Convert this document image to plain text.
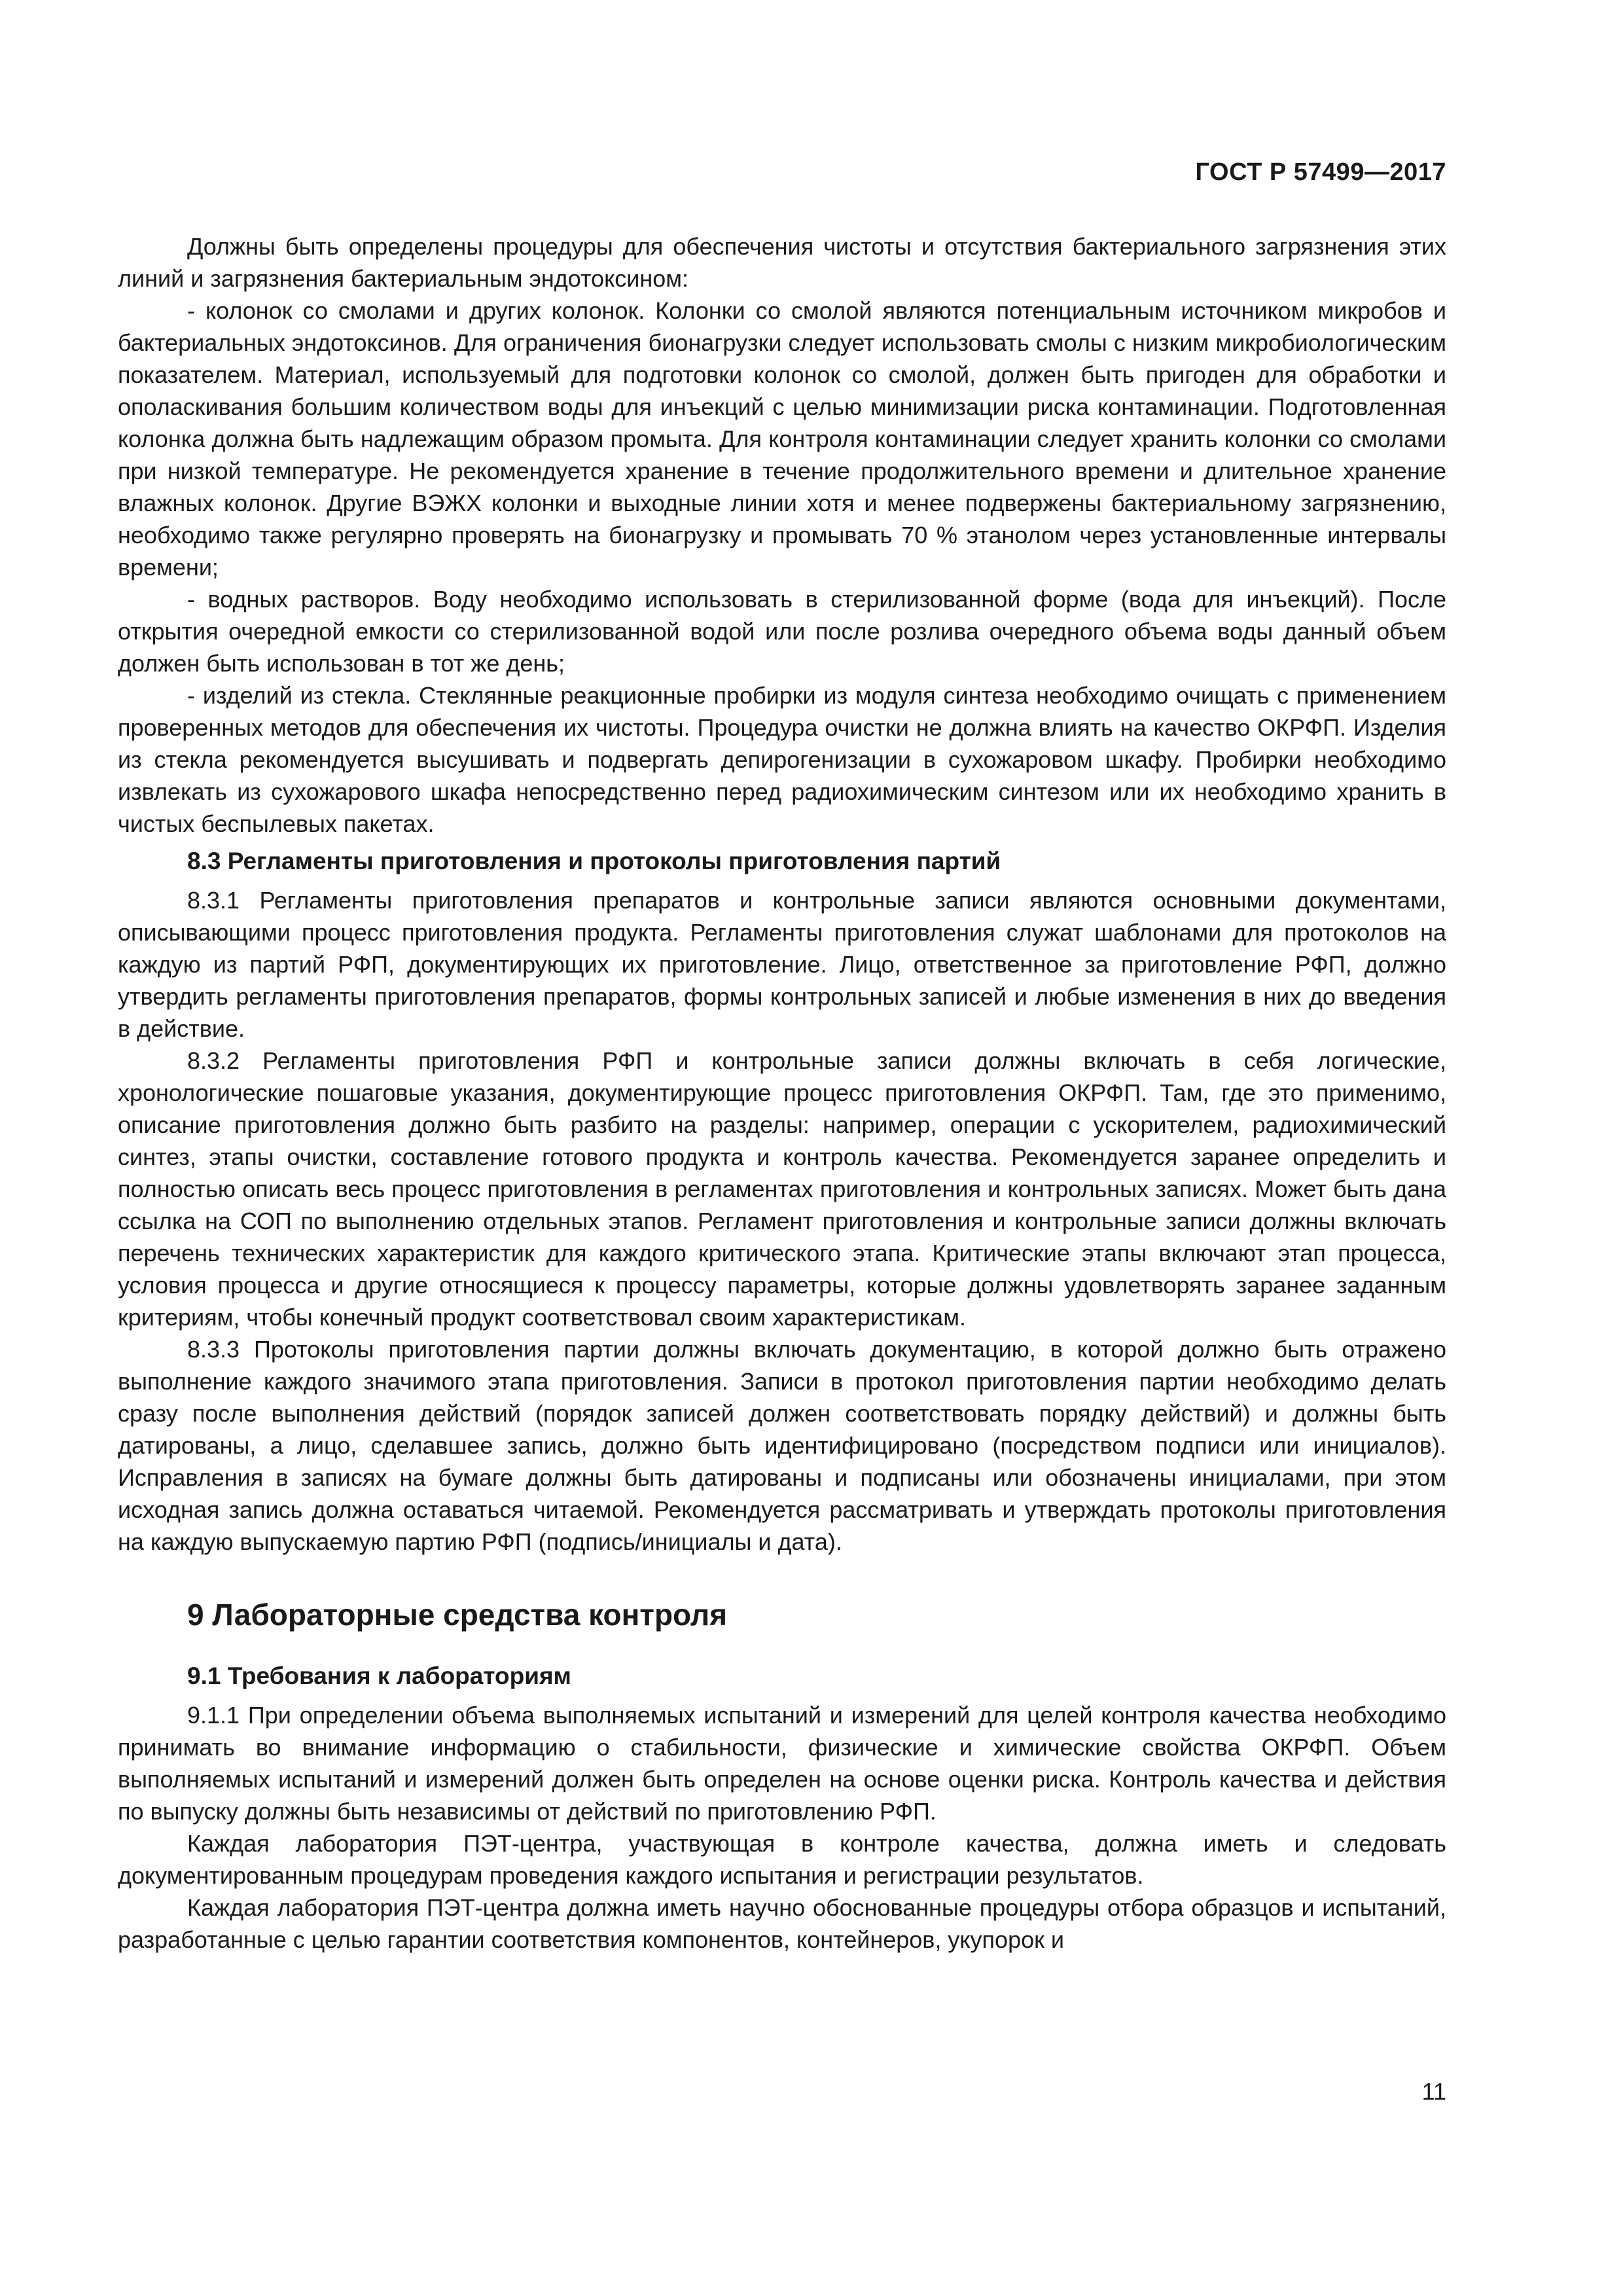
ГОСТ Р 57499—2017

Должны быть определены процедуры для обеспечения чистоты и отсутствия бактериального загрязнения этих линий и загрязнения бактериальным эндотоксином:

- колонок со смолами и других колонок. Колонки со смолой являются потенциальным источником микробов и бактериальных эндотоксинов. Для ограничения бионагрузки следует использовать смолы с низким микробиологическим показателем. Материал, используемый для подготовки колонок со смолой, должен быть пригоден для обработки и ополаскивания большим количеством воды для инъекций с целью минимизации риска контаминации. Подготовленная колонка должна быть надлежащим образом промыта. Для контроля контаминации следует хранить колонки со смолами при низкой температуре. Не рекомендуется хранение в течение продолжительного времени и длительное хранение влажных колонок. Другие ВЭЖХ колонки и выходные линии хотя и менее подвержены бактериальному загрязнению, необходимо также регулярно проверять на бионагрузку и промывать 70 % этанолом через установленные интервалы времени;

- водных растворов. Воду необходимо использовать в стерилизованной форме (вода для инъекций). После открытия очередной емкости со стерилизованной водой или после розлива очередного объема воды данный объем должен быть использован в тот же день;

- изделий из стекла. Стеклянные реакционные пробирки из модуля синтеза необходимо очищать с применением проверенных методов для обеспечения их чистоты. Процедура очистки не должна влиять на качество ОКРФП. Изделия из стекла рекомендуется высушивать и подвергать депирогенизации в сухожаровом шкафу. Пробирки необходимо извлекать из сухожарового шкафа непосредственно перед радиохимическим синтезом или их необходимо хранить в чистых беспылевых пакетах.

8.3 Регламенты приготовления и протоколы приготовления партий

8.3.1 Регламенты приготовления препаратов и контрольные записи являются основными документами, описывающими процесс приготовления продукта. Регламенты приготовления служат шаблонами для протоколов на каждую из партий РФП, документирующих их приготовление. Лицо, ответственное за приготовление РФП, должно утвердить регламенты приготовления препаратов, формы контрольных записей и любые изменения в них до введения в действие.

8.3.2 Регламенты приготовления РФП и контрольные записи должны включать в себя логические, хронологические пошаговые указания, документирующие процесс приготовления ОКРФП. Там, где это применимо, описание приготовления должно быть разбито на разделы: например, операции с ускорителем, радиохимический синтез, этапы очистки, составление готового продукта и контроль качества. Рекомендуется заранее определить и полностью описать весь процесс приготовления в регламентах приготовления и контрольных записях. Может быть дана ссылка на СОП по выполнению отдельных этапов. Регламент приготовления и контрольные записи должны включать перечень технических характеристик для каждого критического этапа. Критические этапы включают этап процесса, условия процесса и другие относящиеся к процессу параметры, которые должны удовлетворять заранее заданным критериям, чтобы конечный продукт соответствовал своим характеристикам.

8.3.3 Протоколы приготовления партии должны включать документацию, в которой должно быть отражено выполнение каждого значимого этапа приготовления. Записи в протокол приготовления партии необходимо делать сразу после выполнения действий (порядок записей должен соответствовать порядку действий) и должны быть датированы, а лицо, сделавшее запись, должно быть идентифицировано (посредством подписи или инициалов). Исправления в записях на бумаге должны быть датированы и подписаны или обозначены инициалами, при этом исходная запись должна оставаться читаемой. Рекомендуется рассматривать и утверждать протоколы приготовления на каждую выпускаемую партию РФП (подпись/инициалы и дата).

9 Лабораторные средства контроля
9.1 Требования к лабораториям

9.1.1 При определении объема выполняемых испытаний и измерений для целей контроля качества необходимо принимать во внимание информацию о стабильности, физические и химические свойства ОКРФП. Объем выполняемых испытаний и измерений должен быть определен на основе оценки риска. Контроль качества и действия по выпуску должны быть независимы от действий по приготовлению РФП.

Каждая лаборатория ПЭТ-центра, участвующая в контроле качества, должна иметь и следовать документированным процедурам проведения каждого испытания и регистрации результатов.

Каждая лаборатория ПЭТ-центра должна иметь научно обоснованные процедуры отбора образцов и испытаний, разработанные с целью гарантии соответствия компонентов, контейнеров, укупорок и

11
